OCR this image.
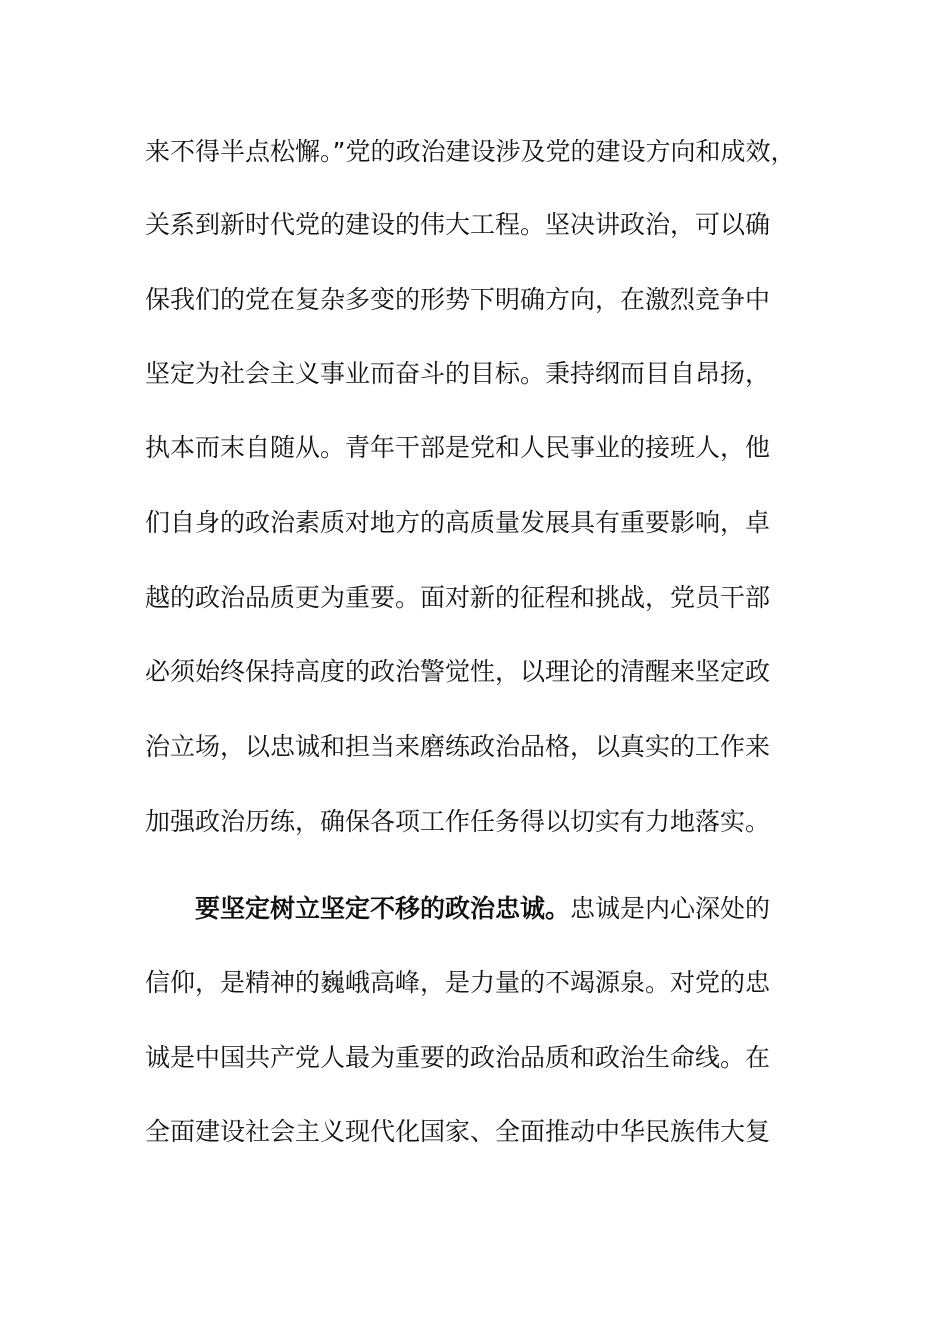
来不得半点松懈。”党的政治建设涉及党的建设方向和成效，
关系到新时代党的建设的伟大工程。坚决讲政治，可以确
保我们的党在复杂多变的形势下明确方向，在激烈竞争中
坚定为社会主义事业而奋斗的目标。秉持纲而目自昂扬，
执本而末自随从。青年干部是党和人民事业的接班人，他
们自身的政治素质对地方的高质量发展具有重要影响，卓
越的政治品质更为重要。面对新的征程和挑战，党员干部
必须始终保持高度的政治警觉性，以理论的清醒来坚定政
治立场，以忠诚和担当来磨练政治品格，以真实的工作来
加强政治历练，确保各项工作任务得以切实有力地落实。
要坚定树立坚定不移的政治忠诚。忠诚是内心深处的
信仰，是精神的巍峨高峰，是力量的不竭源泉。对党的忠
诚是中国共产党人最为重要的政治品质和政治生命线。在
全面建设社会主义现代化国家、全面推动中华民族伟大复
